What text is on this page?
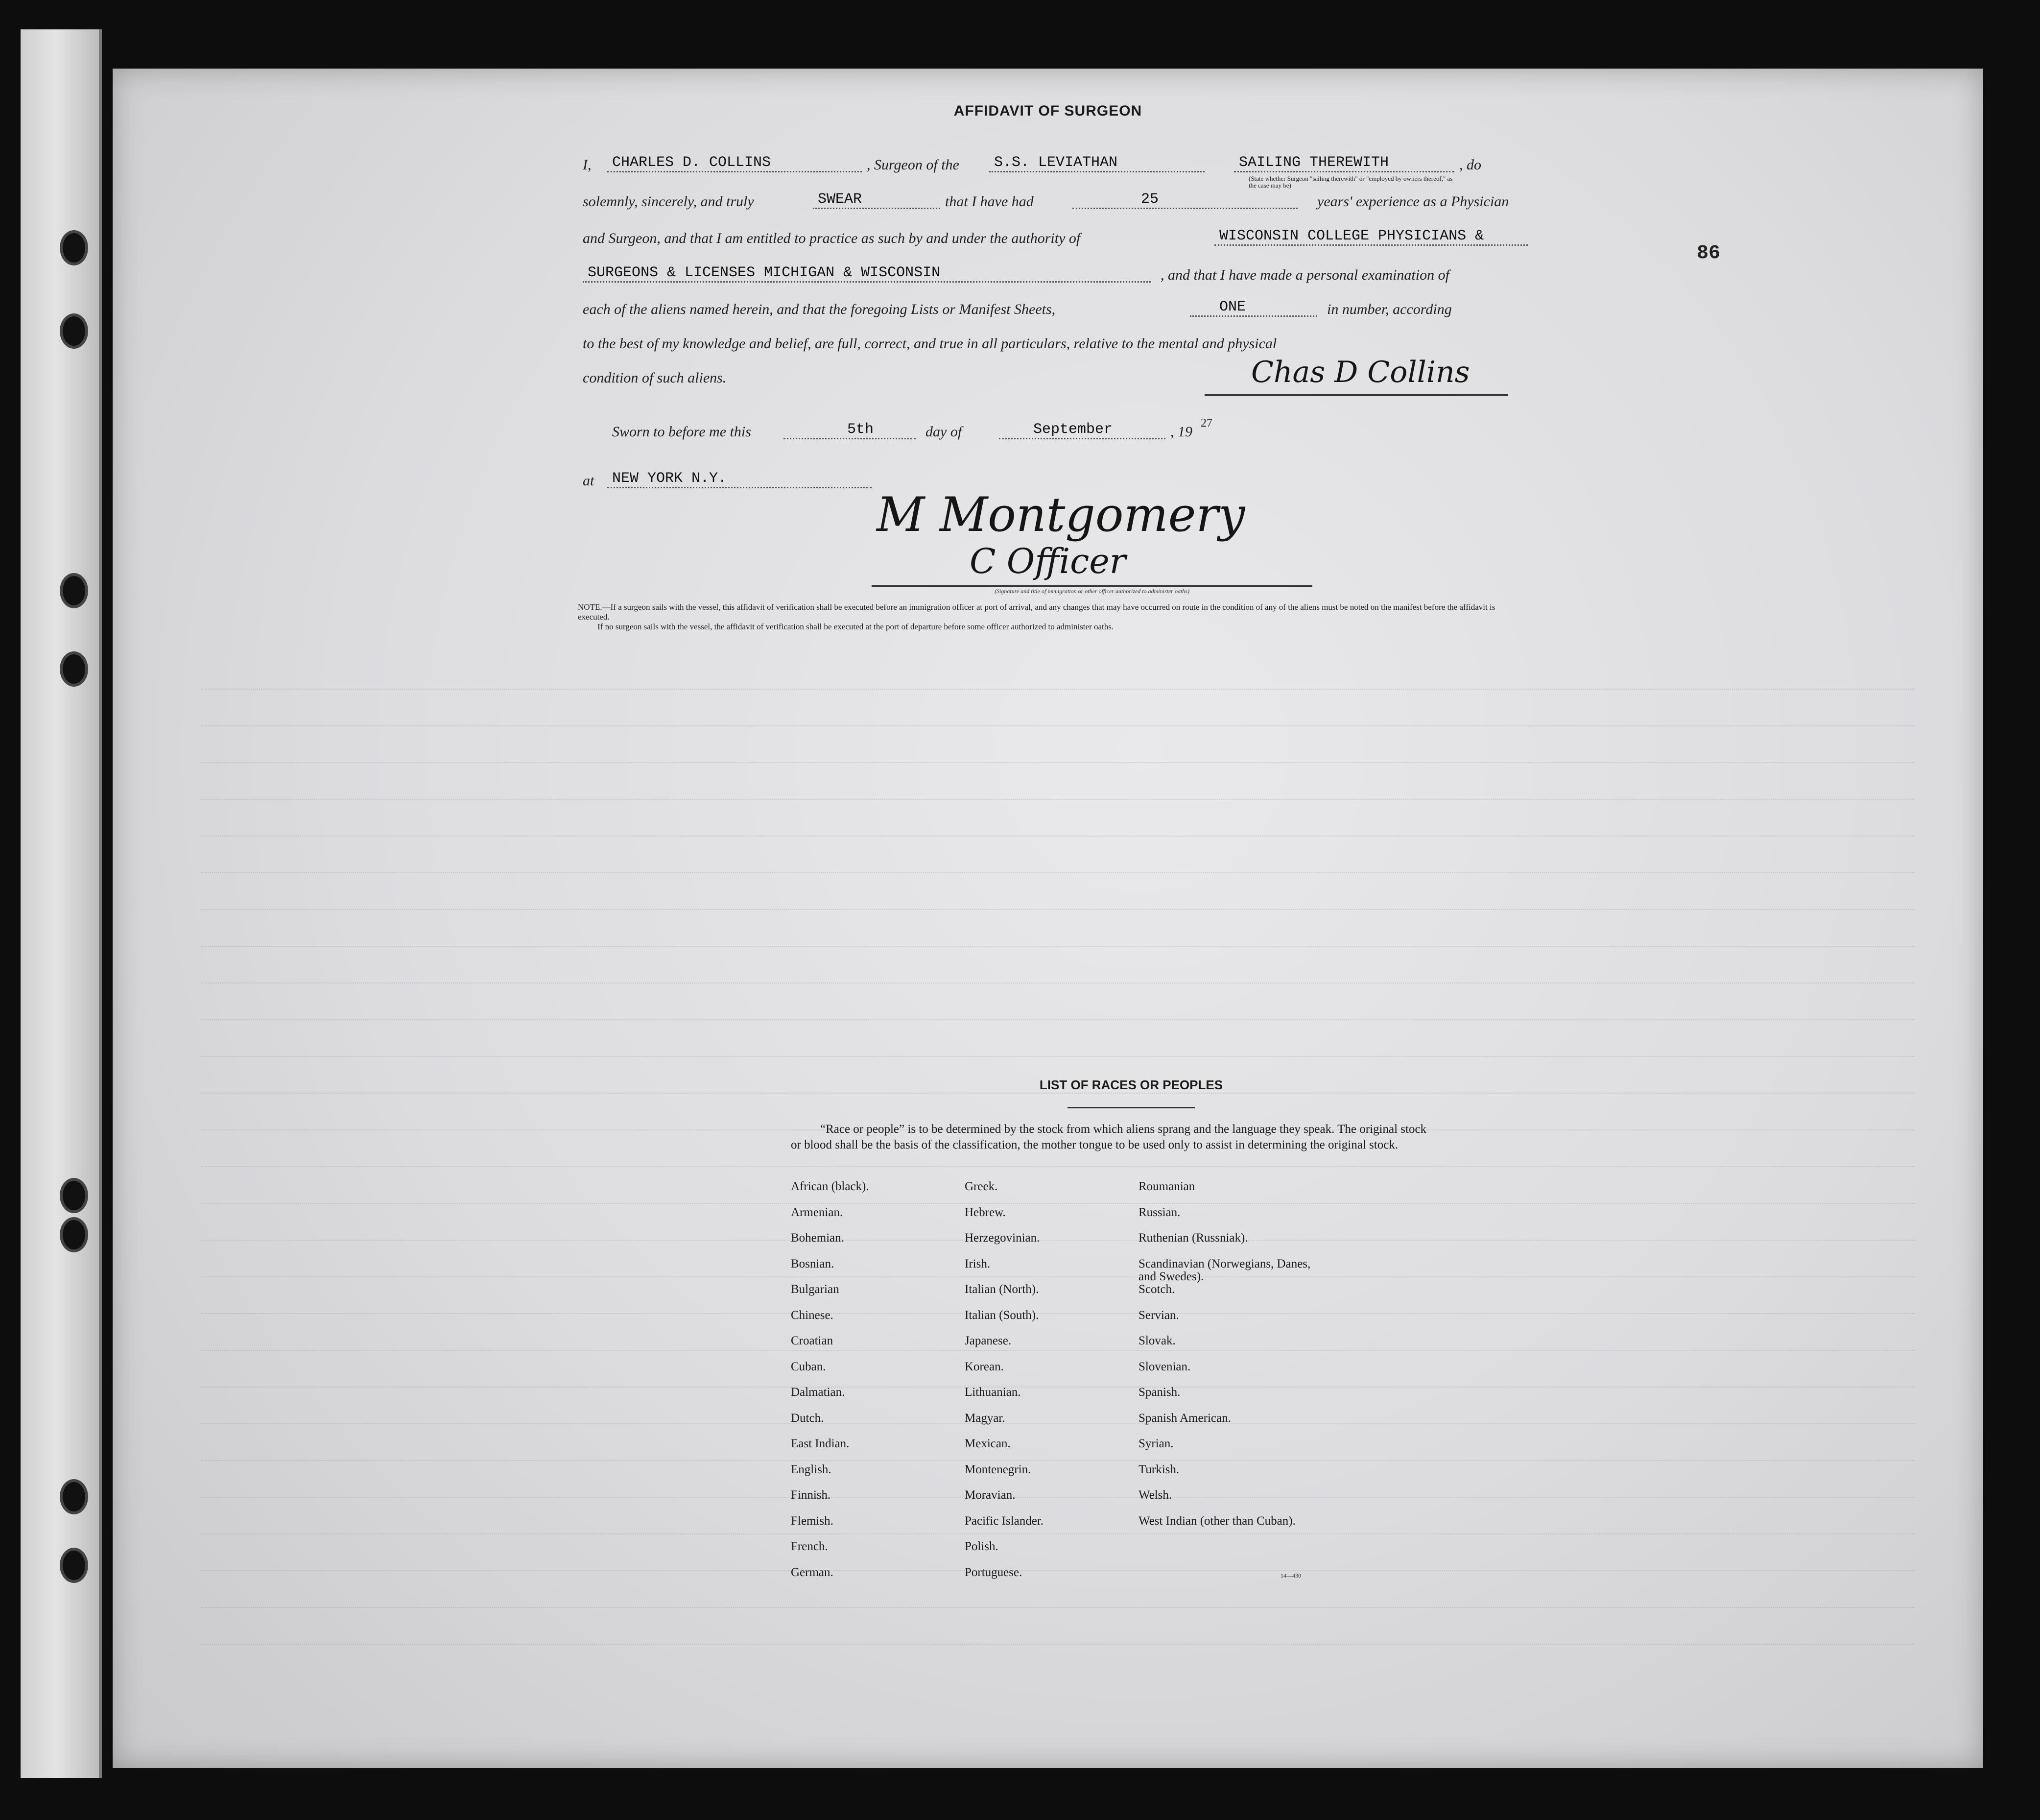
AFFIDAVIT OF SURGEON
86
I,	CHARLES D. COLLINS	, Surgeon of the	S.S. LEVIATHAN	SAILING THEREWITH	, do
(State whether Surgeon "sailing therewith" or "employed by owners thereof," as the case may be)
solemnly, sincerely, and truly	SWEAR	that I have had	25	years' experience as a Physician
and Surgeon, and that I am entitled to practice as such by and under the authority of	WISCONSIN COLLEGE PHYSICIANS &
SURGEONS & LICENSES MICHIGAN & WISCONSIN	, and that I have made a personal examination of
each of the aliens named herein, and that the foregoing Lists or Manifest Sheets,	ONE	in number, according
to the best of my knowledge and belief, are full, correct, and true in all particulars, relative to the mental and physical
condition of such aliens.	Chas D Collins
Sworn to before me this	5th	day of	September	, 19
27
at	NEW YORK N.Y.
M Montgomery
C Officer
(Signature and title of immigration or other officer authorized to administer oaths)

NOTE.—If a surgeon sails with the vessel, this affidavit of verification shall be executed before an immigration officer at port of arrival, and any changes that may have occurred on route in the condition of any of the aliens must be noted on the manifest before the affidavit is executed.

If no surgeon sails with the vessel, the affidavit of verification shall be executed at the port of departure before some officer authorized to administer oaths.

LIST OF RACES OR PEOPLES
“Race or people” is to be determined by the stock from which aliens sprang and the language they speak. The original stock or blood shall be the basis of the classification, the mother tongue to be used only to assist in determining the original stock.
African (black).
Armenian.
Bohemian.
Bosnian.
Bulgarian
Chinese.
Croatian
Cuban.
Dalmatian.
Dutch.
East Indian.
English.
Finnish.
Flemish.
French.
German.
Greek.
Hebrew.
Herzegovinian.
Irish.
Italian (North).
Italian (South).
Japanese.
Korean.
Lithuanian.
Magyar.
Mexican.
Montenegrin.
Moravian.
Pacific Islander.
Polish.
Portuguese.
Roumanian
Russian.
Ruthenian (Russniak).
Scandinavian (Norwegians, Danes, and Swedes).
Scotch.
Servian.
Slovak.
Slovenian.
Spanish.
Spanish American.
Syrian.
Turkish.
Welsh.
West Indian (other than Cuban).
14—430
